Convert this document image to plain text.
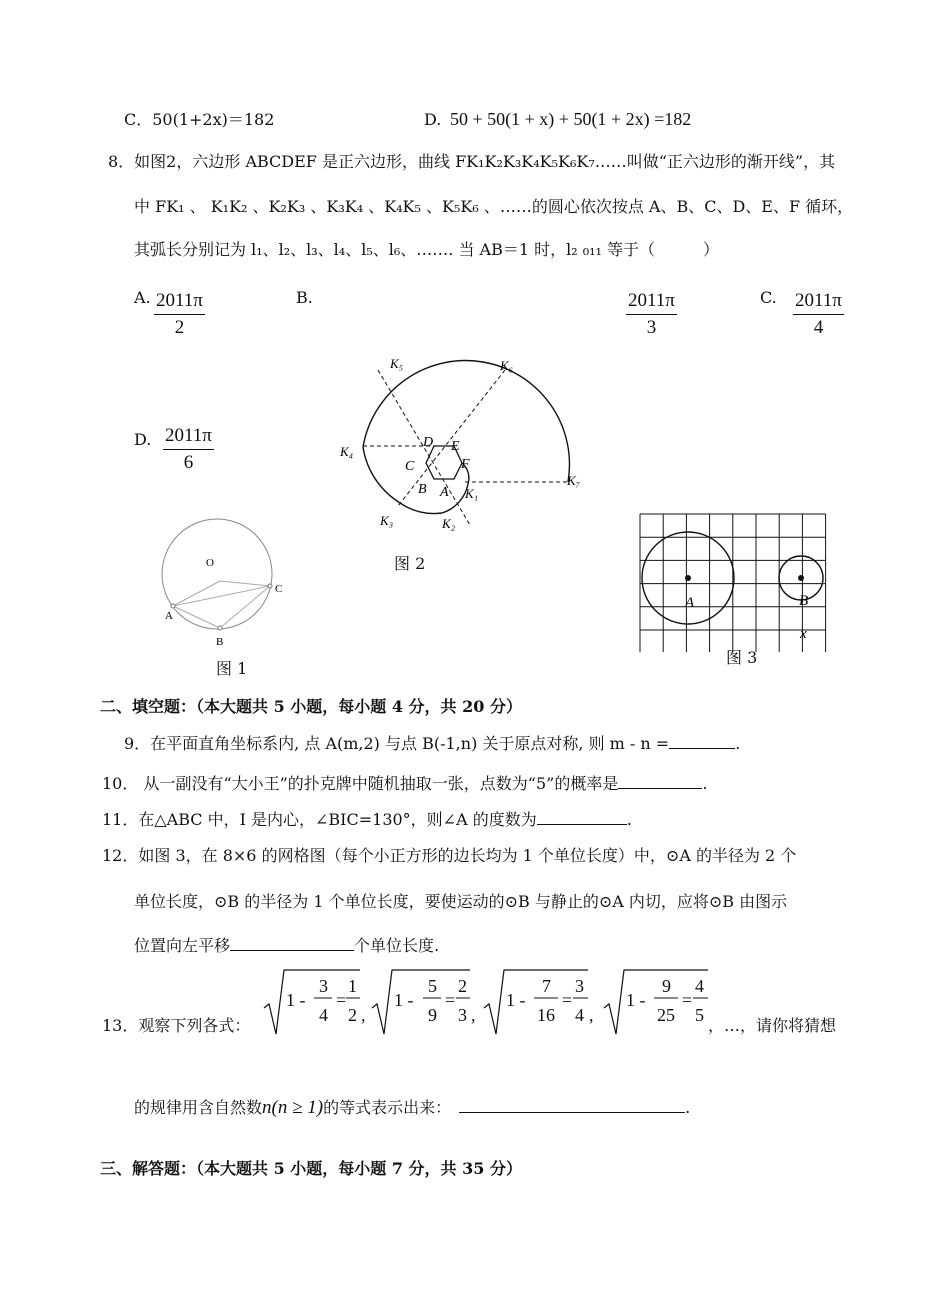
C．50(1+2x)＝182	D. 50 + 50(1 + x) + 50(1 + 2x) =182
8．如图2，六边形 ABCDEF 是正六边形，曲线 FK₁K₂K₃K₄K₅K₆K₇……叫做“正六边形的渐开线”，其
中 FK₁ 、 K₁K₂ 、K₂K₃ 、K₃K₄ 、K₄K₅ 、K₅K₆ 、……的圆心依次按点 A、B、C、D、E、F 循环，
其弧长分别记为 l₁、l₂、l₃、l₄、l₅、l₆、……. 当 AB＝1 时，l₂ ₀₁₁ 等于（　　　）
A. $\frac{2011\pi}{2}$	B.	$\frac{2011\pi}{3}$	C. $\frac{2011\pi}{4}$
D. $\frac{2011\pi}{6}$
K₅	K₆
K₄
K₇
K₃	K₂
K₁
D E
F
C
B A
图 2
O
A
B
C
图 1
A	B
x
图 3
二、填空题：（本大题共 5 小题，每小题 4 分，共 20 分）
9．在平面直角坐标系内, 点 A(m,2) 与点 B(-1,n) 关于原点对称, 则 m - n =	.
10． 从一副没有“大小王”的扑克牌中随机抽取一张，点数为“5”的概率是	.
11．在△ABC 中，I 是内心，∠BIC=130°，则∠A 的度数为	.
12．如图 3，在 8×6 的网格图（每个小正方形的边长均为 1 个单位长度）中，⊙A 的半径为 2 个
单位长度，⊙B 的半径为 1 个单位长度，要使运动的⊙B 与静止的⊙A 内切，应将⊙B 由图示
位置向左平移	个单位长度.
13．观察下列各式：
1 -
3
4
=
1
2 ,
1 -
5
9
=
2
3 ,
1 -
7
16
=
3
4 ,
1 -
9
25
=
4
5
，…，请你将猜想
的规律用含自然数n(n ≥ 1)的等式表示出来：	.
三、解答题：（本大题共 5 小题，每小题 7 分，共 35 分）
